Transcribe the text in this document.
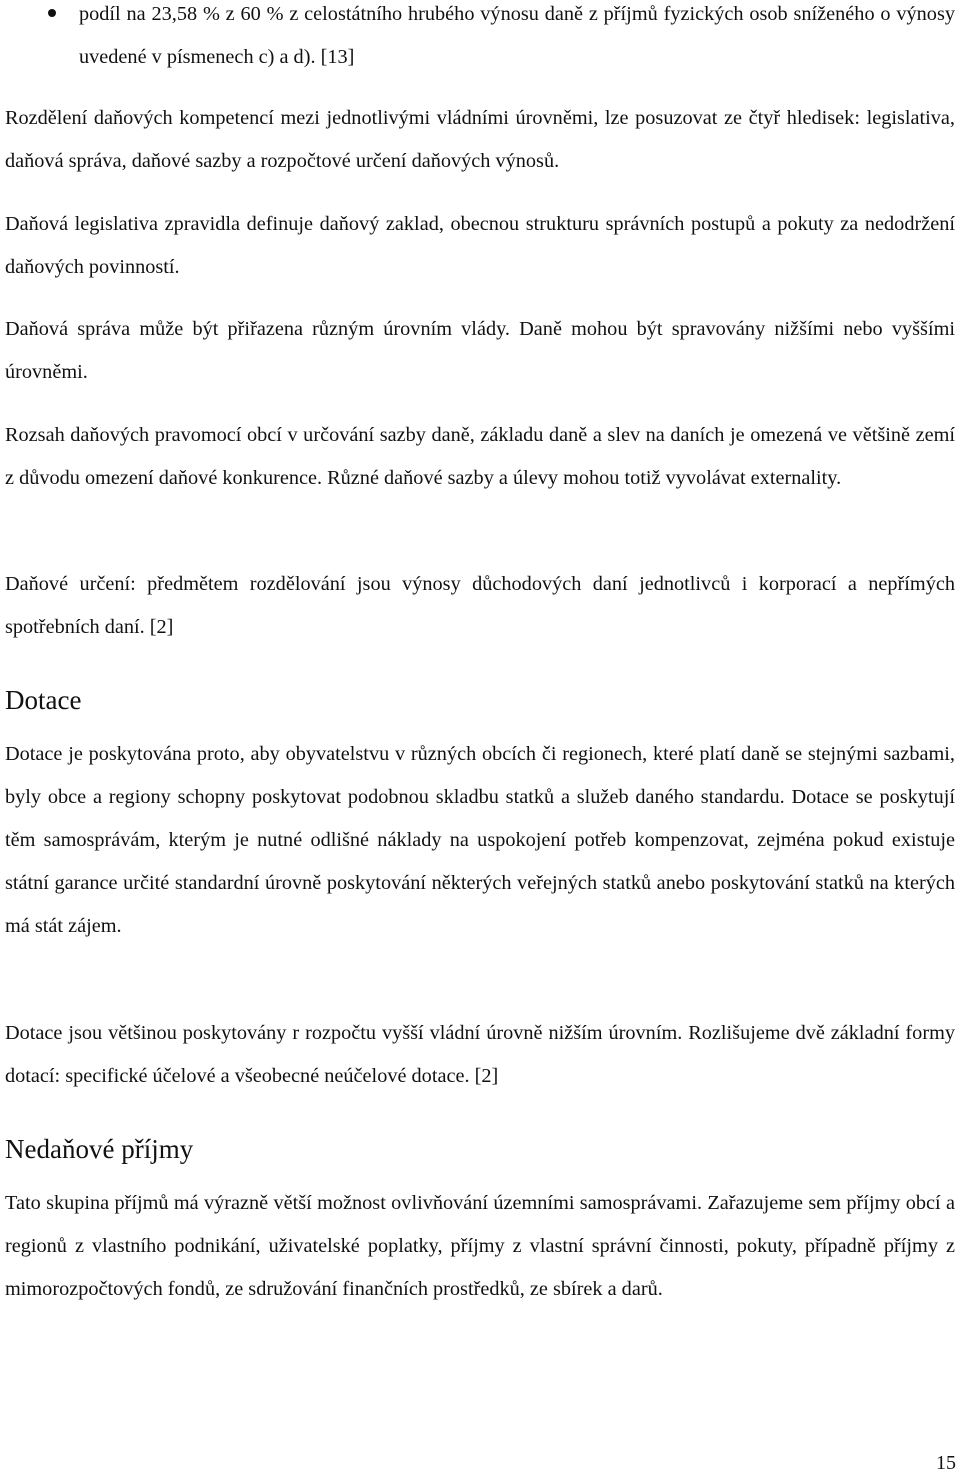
podíl na 23,58 % z 60 % z celostátního hrubého výnosu daně z příjmů fyzických osob sníženého o výnosy uvedené v písmenech c) a d). [13]

Rozdělení daňových kompetencí mezi jednotlivými vládními úrovněmi, lze posuzovat ze čtyř hledisek: legislativa, daňová správa, daňové sazby a rozpočtové určení daňových výnosů.

Daňová legislativa zpravidla definuje daňový zaklad, obecnou strukturu správních postupů a pokuty za nedodržení daňových povinností.

Daňová správa může být přiřazena různým úrovním vlády. Daně mohou být spravovány nižšími nebo vyššími úrovněmi.

Rozsah daňových pravomocí obcí v určování sazby daně, základu daně a slev na daních je omezená ve většině zemí z důvodu omezení daňové konkurence. Různé daňové sazby a úlevy mohou totiž vyvolávat externality.

Daňové určení: předmětem rozdělování jsou výnosy důchodových daní jednotlivců i korporací a nepřímých spotřebních daní. [2]

Dotace

Dotace je poskytována proto, aby obyvatelstvu v různých obcích či regionech, které platí daně se stejnými sazbami, byly obce a regiony schopny poskytovat podobnou skladbu statků a služeb daného standardu. Dotace se poskytují těm samosprávám, kterým je nutné odlišné náklady na uspokojení potřeb kompenzovat, zejména pokud existuje státní garance určité standardní úrovně poskytování některých veřejných statků anebo poskytování statků na kterých má stát zájem.

Dotace jsou většinou poskytovány r rozpočtu vyšší vládní úrovně nižším úrovním. Rozlišujeme dvě základní formy dotací: specifické účelové a všeobecné neúčelové dotace. [2]

Nedaňové příjmy

Tato skupina příjmů má výrazně větší možnost ovlivňování územními samosprávami. Zařazujeme sem příjmy obcí a regionů z vlastního podnikání, uživatelské poplatky, příjmy z vlastní správní činnosti, pokuty, případně příjmy z mimorozpočtových fondů, ze sdružování finančních prostředků, ze sbírek a darů.

15
